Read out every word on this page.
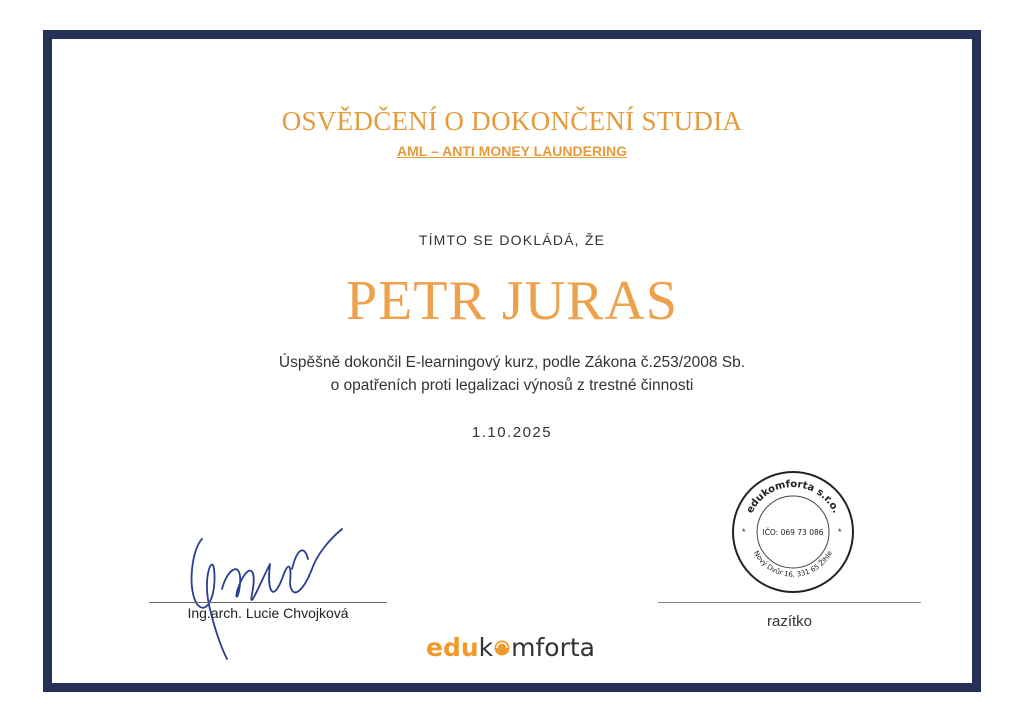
OSVĚDČENÍ O DOKONČENÍ STUDIA
AML – ANTI MONEY LAUNDERING
TÍMTO SE DOKLÁDÁ, ŽE
PETR JURAS
Úspěšně dokončil E-learningový kurz, podle Zákona č.253/2008 Sb.
o opatřeních proti legalizaci výnosů z trestné činnosti
1.10.2025
Ing.arch. Lucie Chvojková
edukomforta s.r.o.
Nový Dvůr 16, 331 65 Žihle
IČO: 069 73 086
*	*
razítko
eduk mforta
